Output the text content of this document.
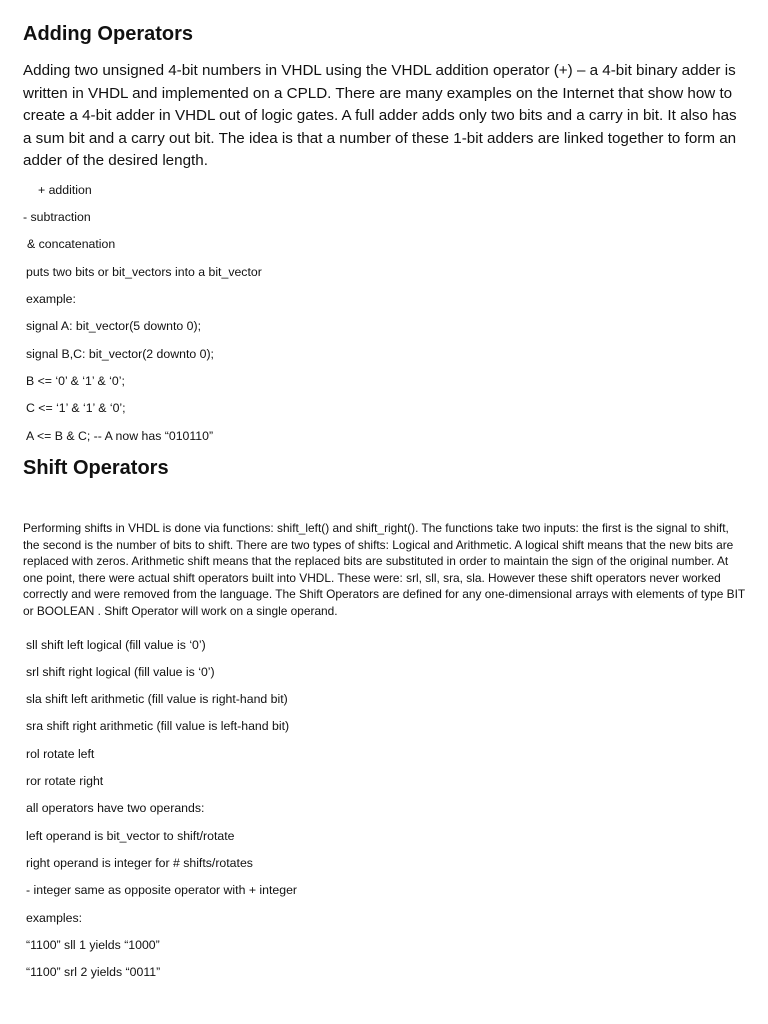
Adding Operators

Adding two unsigned 4-bit numbers in VHDL using the VHDL addition operator (+) – a 4-bit binary adder is written in VHDL and implemented on a CPLD. There are many examples on the Internet that show how to create a 4-bit adder in VHDL out of logic gates. A full adder adds only two bits and a carry in bit. It also has a sum bit and a carry out bit. The idea is that a number of these 1-bit adders are linked together to form an adder of the desired length.

+ addition

- subtraction

& concatenation

puts two bits or bit_vectors into a bit_vector

example:

signal A: bit_vector(5 downto 0);

signal B,C: bit_vector(2 downto 0);

B <= ‘0’ & ‘1’ & ‘0’;

C <= ‘1’ & ‘1’ & ‘0’;

A <= B & C; -- A now has “010110”

Shift Operators

Performing shifts in VHDL is done via functions: shift_left() and shift_right(). The functions take two inputs: the first is the signal to shift, the second is the number of bits to shift. There are two types of shifts: Logical and Arithmetic. A logical shift means that the new bits are replaced with zeros. Arithmetic shift means that the replaced bits are substituted in order to maintain the sign of the original number. At one point, there were actual shift operators built into VHDL. These were: srl, sll, sra, sla. However these shift operators never worked correctly and were removed from the language. The Shift Operators are defined for any one-dimensional arrays with elements of type BIT or BOOLEAN . Shift Operator will work on a single operand.

sll shift left logical (fill value is ‘0’)

srl shift right logical (fill value is ‘0’)

sla shift left arithmetic (fill value is right-hand bit)

sra shift right arithmetic (fill value is left-hand bit)

rol rotate left

ror rotate right

all operators have two operands:

left operand is bit_vector to shift/rotate

right operand is integer for # shifts/rotates

- integer same as opposite operator with + integer

examples:

“1100” sll 1 yields “1000”

“1100” srl 2 yields “0011”
